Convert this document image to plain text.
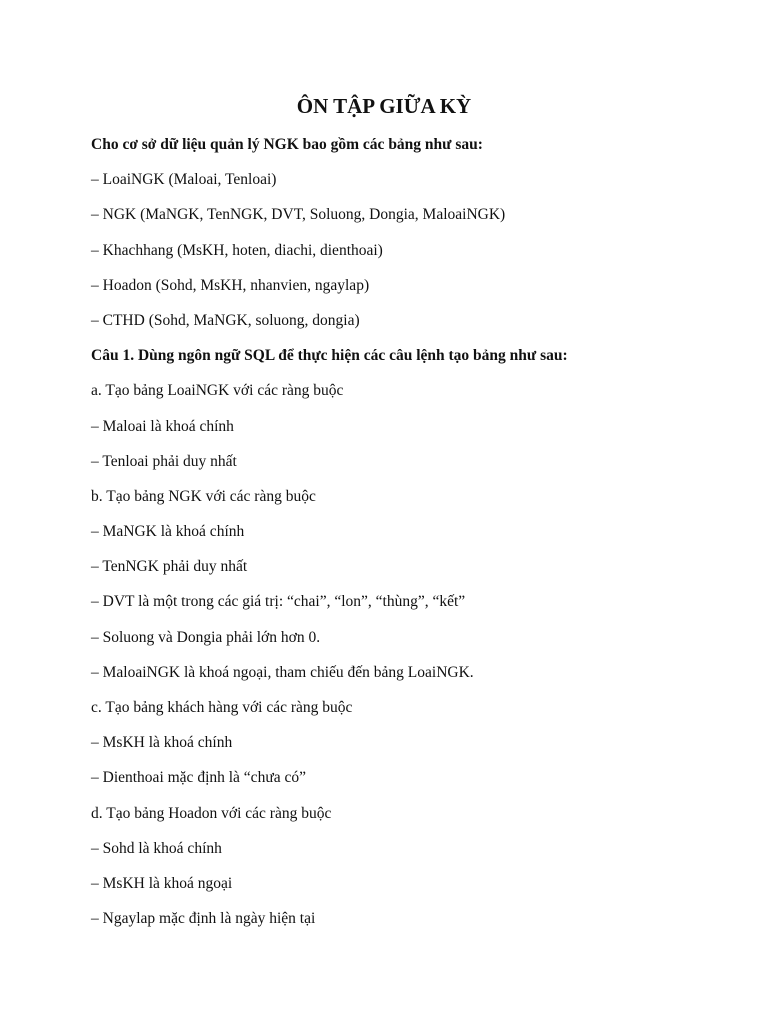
ÔN TẬP GIỮA KỲ
Cho cơ sở dữ liệu quản lý NGK bao gồm các bảng như sau:
– LoaiNGK (Maloai, Tenloai)
– NGK (MaNGK, TenNGK, DVT, Soluong, Dongia, MaloaiNGK)
– Khachhang (MsKH, hoten, diachi, dienthoai)
– Hoadon (Sohd, MsKH, nhanvien, ngaylap)
– CTHD (Sohd, MaNGK, soluong, dongia)
Câu 1. Dùng ngôn ngữ SQL để thực hiện các câu lệnh tạo bảng như sau:
a. Tạo bảng LoaiNGK với các ràng buộc
– Maloai là khoá chính
– Tenloai phải duy nhất
b. Tạo bảng NGK với các ràng buộc
– MaNGK là khoá chính
– TenNGK phải duy nhất
– DVT là một trong các giá trị: “chai”, “lon”, “thùng”, “kết”
– Soluong và Dongia phải lớn hơn 0.
– MaloaiNGK là khoá ngoại, tham chiếu đến bảng LoaiNGK.
c. Tạo bảng khách hàng với các ràng buộc
– MsKH là khoá chính
– Dienthoai mặc định là “chưa có”
d. Tạo bảng Hoadon với các ràng buộc
– Sohd là khoá chính
– MsKH là khoá ngoại
– Ngaylap mặc định là ngày hiện tại
